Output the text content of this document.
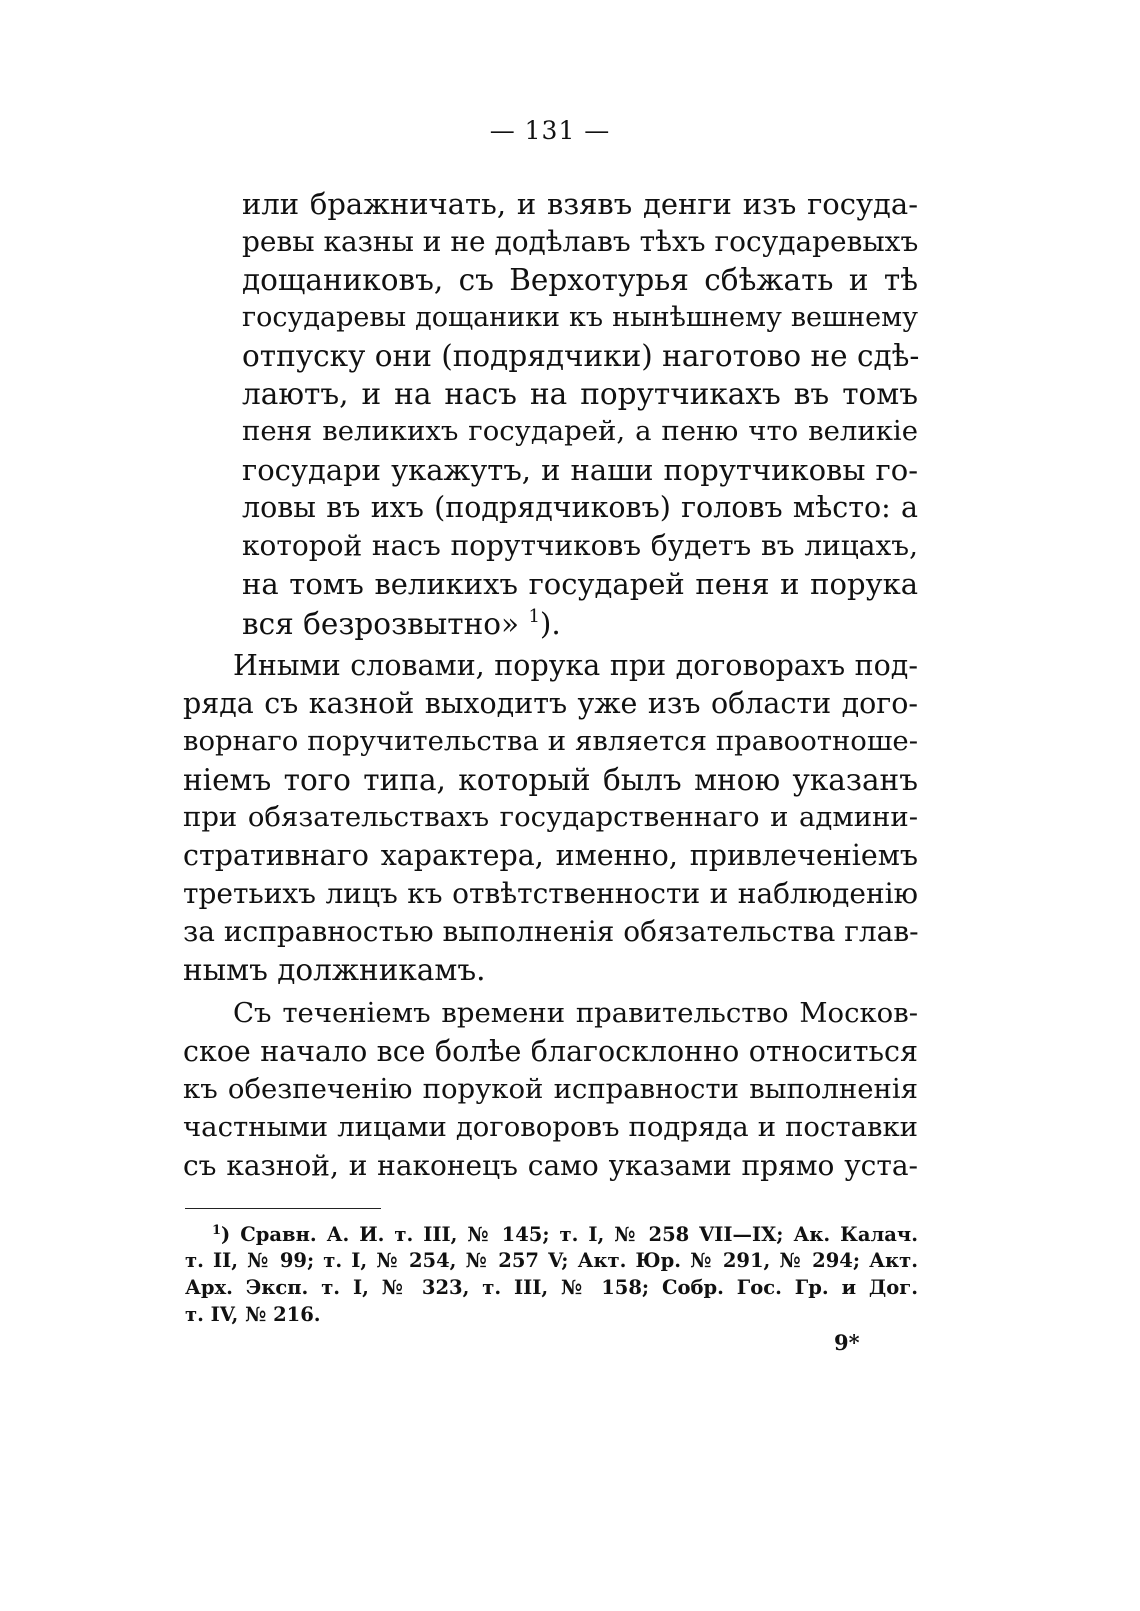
— 131 —
или бражничать, и взявъ денги изъ госуда-
ревы казны и не додѣлавъ тѣхъ государевыхъ
дощаниковъ, съ Верхотурья сбѣжать и тѣ
государевы дощаники къ нынѣшнему вешнему
отпуску они (подрядчики) наготово не сдѣ-
лаютъ, и на насъ на порутчикахъ въ томъ
пеня великихъ государей, а пеню что великіе
государи укажутъ, и наши порутчиковы го-
ловы въ ихъ (подрядчиковъ) головъ мѣсто: а
которой насъ порутчиковъ будетъ въ лицахъ,
на томъ великихъ государей пеня и порука
вся безрозвытно» $^1$).
Иными словами, порука при договорахъ под-
ряда съ казной выходитъ уже изъ области дого-
ворнаго поручительства и является правоотноше-
ніемъ того типа, который былъ мною указанъ
при обязательствахъ государственнаго и админи-
стративнаго характера, именно, привлеченіемъ
третьихъ лицъ къ отвѣтственности и наблюденію
за исправностью выполненія обязательства глав-
нымъ должникамъ.
Съ теченіемъ времени правительство Москов-
ское начало все болѣе благосклонно относиться
къ обезпеченію порукой исправности выполненія
частными лицами договоровъ подряда и поставки
съ казной, и наконецъ само указами прямо уста-
$^1$) Сравн. А. И. т. III, № 145; т. I, № 258 VII—IX; Ак. Калач.
т. II, № 99; т. I, № 254, № 257 V; Акт. Юр. № 291, № 294; Акт.
Арх. Эксп. т. I, № 323, т. III, № 158; Собр. Гос. Гр. и Дог.
т. IV, № 216.
9*
